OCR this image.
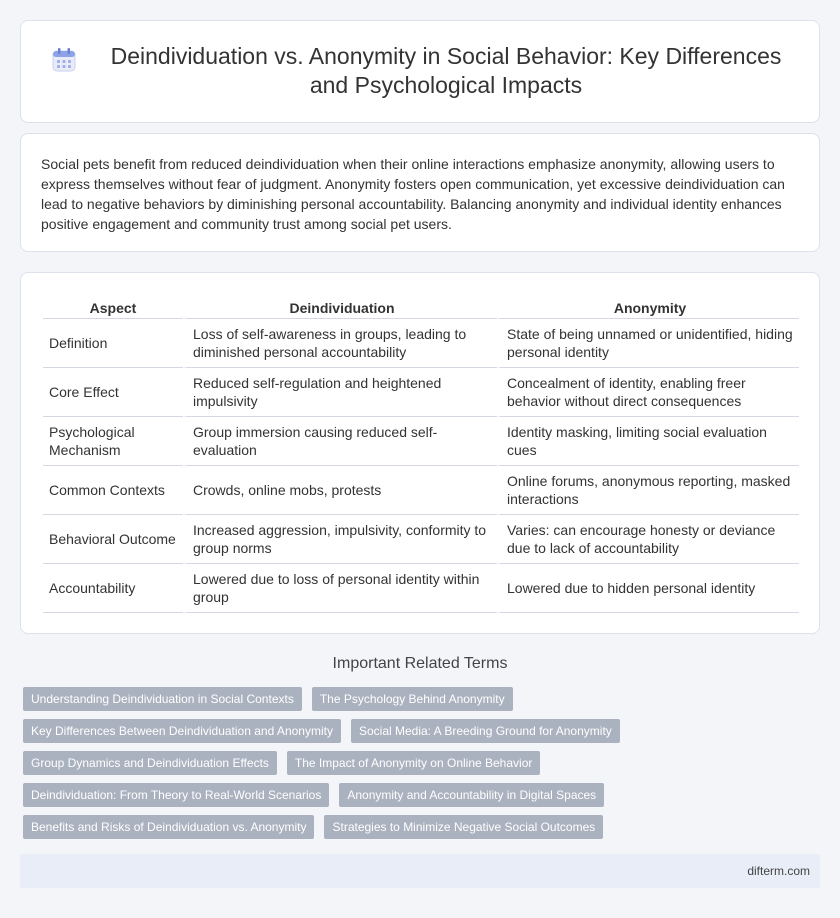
Deindividuation vs. Anonymity in Social Behavior: Key Differences and Psychological Impacts

Social pets benefit from reduced deindividuation when their online interactions emphasize anonymity, allowing users to express themselves without fear of judgment. Anonymity fosters open communication, yet excessive deindividuation can lead to negative behaviors by diminishing personal accountability. Balancing anonymity and individual identity enhances positive engagement and community trust among social pet users.

Aspect	Deindividuation	Anonymity
Definition	Loss of self-awareness in groups, leading to diminished personal accountability	State of being unnamed or unidentified, hiding personal identity
Core Effect	Reduced self-regulation and heightened impulsivity	Concealment of identity, enabling freer behavior without direct consequences
Psychological Mechanism	Group immersion causing reduced self-evaluation	Identity masking, limiting social evaluation cues
Common Contexts	Crowds, online mobs, protests	Online forums, anonymous reporting, masked interactions
Behavioral Outcome	Increased aggression, impulsivity, conformity to group norms	Varies: can encourage honesty or deviance due to lack of accountability
Accountability	Lowered due to loss of personal identity within group	Lowered due to hidden personal identity
Important Related Terms
Understanding Deindividuation in Social Contexts	The Psychology Behind Anonymity
Key Differences Between Deindividuation and Anonymity	Social Media: A Breeding Ground for Anonymity
Group Dynamics and Deindividuation Effects	The Impact of Anonymity on Online Behavior
Deindividuation: From Theory to Real-World Scenarios	Anonymity and Accountability in Digital Spaces
Benefits and Risks of Deindividuation vs. Anonymity	Strategies to Minimize Negative Social Outcomes
difterm.com
